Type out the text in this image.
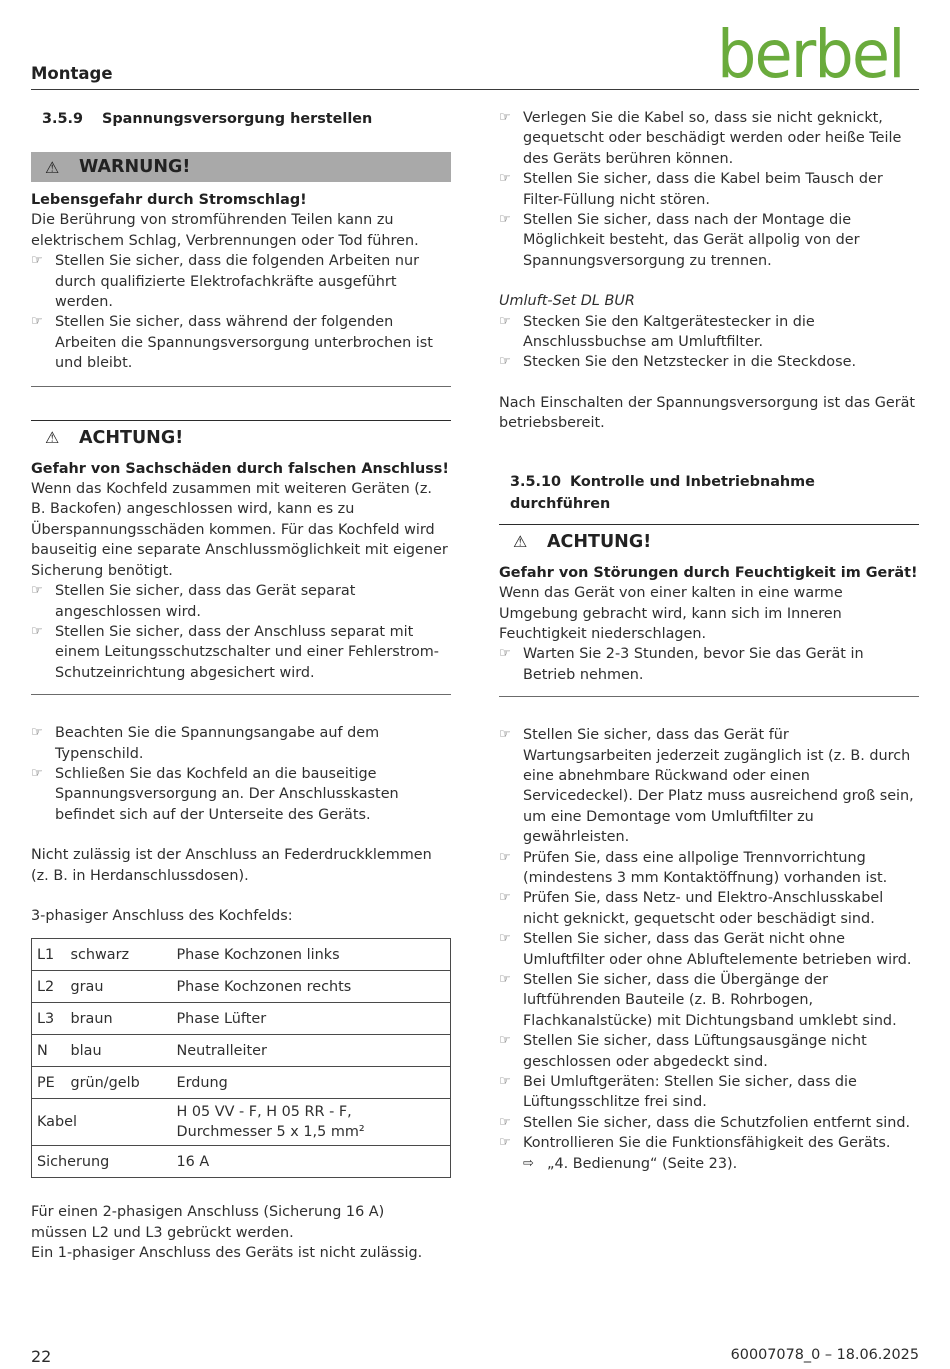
Montage	berbel
3.5.9 Spannungsversorgung herstellen
⚠	WARNUNG!
Lebensgefahr durch Stromschlag!
Die Berührung von stromführenden Teilen kann zu elektrischem Schlag, Verbrennungen oder Tod führen.
☞ Stellen Sie sicher, dass die folgenden Arbeiten nur durch qualifizierte Elektrofachkräfte ausgeführt werden.
☞ Stellen Sie sicher, dass während der folgenden Arbeiten die Spannungsversorgung unterbrochen ist und bleibt.
⚠	ACHTUNG!
Gefahr von Sachschäden durch falschen Anschluss!
Wenn das Kochfeld zusammen mit weiteren Geräten (z. B. Backofen) angeschlossen wird, kann es zu Überspannungsschäden kommen. Für das Kochfeld wird bauseitig eine separate Anschlussmöglichkeit mit eigener Sicherung benötigt.
☞ Stellen Sie sicher, dass das Gerät separat angeschlossen wird.
☞ Stellen Sie sicher, dass der Anschluss separat mit einem Leitungsschutzschalter und einer Fehlerstrom-Schutzeinrichtung abgesichert wird.
☞ Beachten Sie die Spannungsangabe auf dem Typenschild.
☞ Schließen Sie das Kochfeld an die bauseitige Spannungsversorgung an. Der Anschlusskasten befindet sich auf der Unterseite des Geräts.
Nicht zulässig ist der Anschluss an Federdruckklemmen (z. B. in Herdanschlussdosen).
3-phasiger Anschluss des Kochfelds:
L1	schwarz	Phase Kochzonen links
L2	grau	Phase Kochzonen rechts
L3	braun	Phase Lüfter
N	blau	Neutralleiter
PE	grün/gelb	Erdung
Kabel		H 05 VV - F, H 05 RR - F,
Durchmesser 5 x 1,5 mm²

Sicherung		16 A
Für einen 2-phasigen Anschluss (Sicherung 16 A)
müssen L2 und L3 gebrückt werden.
Ein 1-phasiger Anschluss des Geräts ist nicht zulässig.
☞ Verlegen Sie die Kabel so, dass sie nicht geknickt, gequetscht oder beschädigt werden oder heiße Teile des Geräts berühren können.
☞ Stellen Sie sicher, dass die Kabel beim Tausch der Filter-Füllung nicht stören.
☞ Stellen Sie sicher, dass nach der Montage die Möglichkeit besteht, das Gerät allpolig von der Spannungsversorgung zu trennen.
Umluft-Set DL BUR
☞ Stecken Sie den Kaltgerätestecker in die Anschlussbuchse am Umluftfilter.
☞ Stecken Sie den Netzstecker in die Steckdose.
Nach Einschalten der Spannungsversorgung ist das Gerät betriebsbereit.
3.5.10 Kontrolle und Inbetriebnahme durchführen
⚠	ACHTUNG!
Gefahr von Störungen durch Feuchtigkeit im Gerät!
Wenn das Gerät von einer kalten in eine warme Umgebung gebracht wird, kann sich im Inneren Feuchtigkeit niederschlagen.
☞ Warten Sie 2-3 Stunden, bevor Sie das Gerät in Betrieb nehmen.
☞ Stellen Sie sicher, dass das Gerät für Wartungsarbeiten jederzeit zugänglich ist (z. B. durch eine abnehmbare Rückwand oder einen Servicedeckel). Der Platz muss ausreichend groß sein, um eine Demontage vom Umluftfilter zu gewährleisten.
☞ Prüfen Sie, dass eine allpolige Trennvorrichtung (mindestens 3 mm Kontaktöffnung) vorhanden ist.
☞ Prüfen Sie, dass Netz- und Elektro-Anschlusskabel nicht geknickt, gequetscht oder beschädigt sind.
☞ Stellen Sie sicher, dass das Gerät nicht ohne Umluftfilter oder ohne Abluftelemente betrieben wird.
☞ Stellen Sie sicher, dass die Übergänge der luftführenden Bauteile (z. B. Rohrbogen, Flachkanalstücke) mit Dichtungsband umklebt sind.
☞ Stellen Sie sicher, dass Lüftungsausgänge nicht geschlossen oder abgedeckt sind.
☞ Bei Umluftgeräten: Stellen Sie sicher, dass die Lüftungsschlitze frei sind.
☞ Stellen Sie sicher, dass die Schutzfolien entfernt sind.
☞ Kontrollieren Sie die Funktionsfähigkeit des Geräts.
⇨ „4. Bedienung“ (Seite 23).
22	60007078_0 – 18.06.2025
